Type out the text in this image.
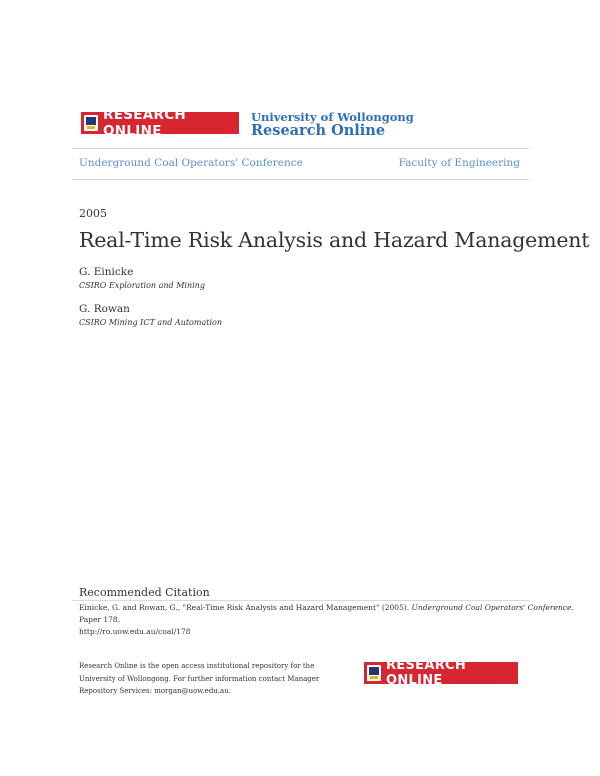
RESEARCH ONLINE
University of Wollongong
Research Online
Underground Coal Operators' Conference	Faculty of Engineering
2005
Real-Time Risk Analysis and Hazard Management
G. Einicke
CSIRO Exploration and Mining
G. Rowan
CSIRO Mining ICT and Automation
Recommended Citation
Einicke, G. and Rowan, G., "Real-Time Risk Analysis and Hazard Management" (2005). Underground Coal Operators' Conference.
Paper 178.
http://ro.uow.edu.au/coal/178
Research Online is the open access institutional repository for the
University of Wollongong. For further information contact Manager
Repository Services: morgan@uow.edu.au.
RESEARCH ONLINE
